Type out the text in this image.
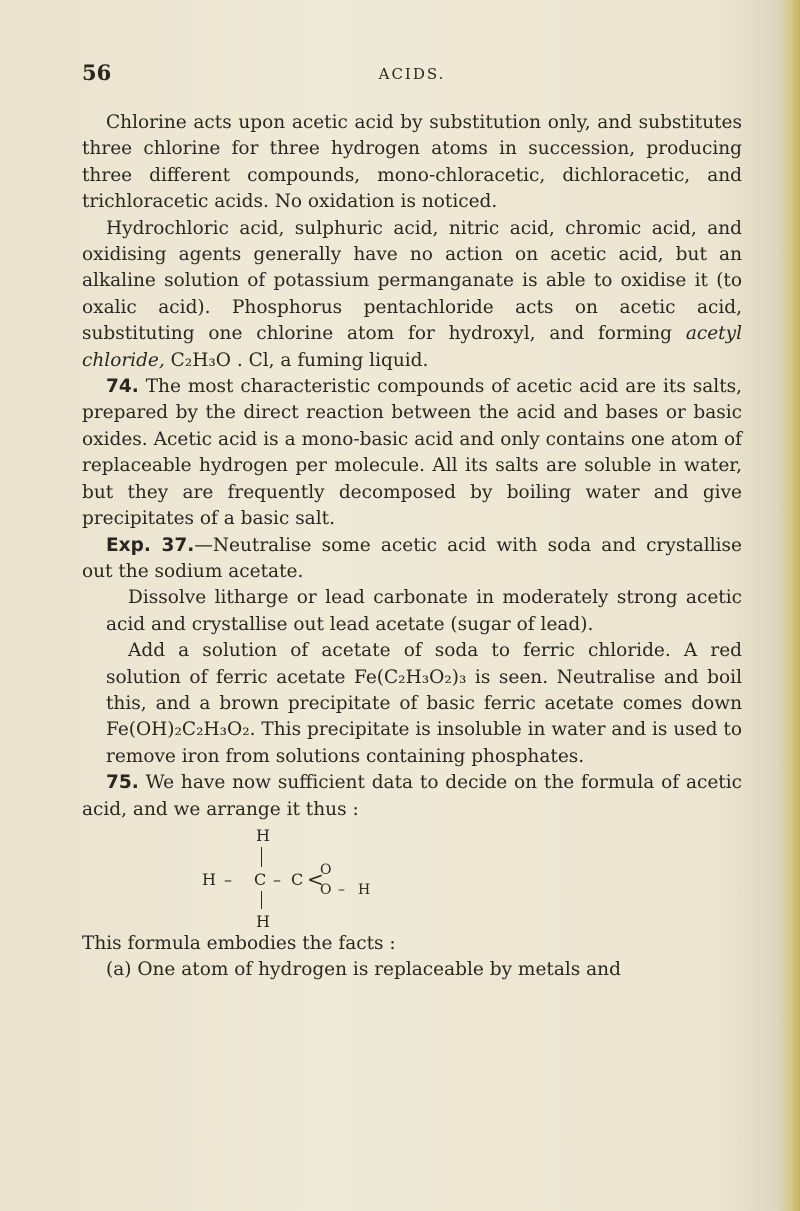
56	ACIDS.

Chlorine acts upon acetic acid by substitution only, and substitutes three chlorine for three hydrogen atoms in succession, producing three different compounds, mono-chloracetic, dichloracetic, and trichloracetic acids. No oxidation is noticed.

Hydrochloric acid, sulphuric acid, nitric acid, chromic acid, and oxidising agents generally have no action on acetic acid, but an alkaline solution of potassium permanganate is able to oxidise it (to oxalic acid). Phosphorus pentachloride acts on acetic acid, substituting one chlorine atom for hydroxyl, and forming acetyl chloride, C₂H₃O . Cl, a fuming liquid.

74. The most characteristic compounds of acetic acid are its salts, prepared by the direct reaction between the acid and bases or basic oxides. Acetic acid is a mono-basic acid and only contains one atom of replaceable hydrogen per molecule. All its salts are soluble in water, but they are frequently decomposed by boiling water and give precipitates of a basic salt.

Exp. 37.—Neutralise some acetic acid with soda and crystallise out the sodium acetate.

Dissolve litharge or lead carbonate in moderately strong acetic acid and crystallise out lead acetate (sugar of lead).

Add a solution of acetate of soda to ferric chloride. A red solution of ferric acetate Fe(C₂H₃O₂)₃ is seen. Neutralise and boil this, and a brown precipitate of basic ferric acetate comes down Fe(OH)₂C₂H₃O₂. This precipitate is insoluble in water and is used to remove iron from solutions containing phosphates.

75. We have now sufficient data to decide on the formula of acetic acid, and we arrange it thus :

H
H – C – C <
O
O – H
H

This formula embodies the facts :

(a) One atom of hydrogen is replaceable by metals and
